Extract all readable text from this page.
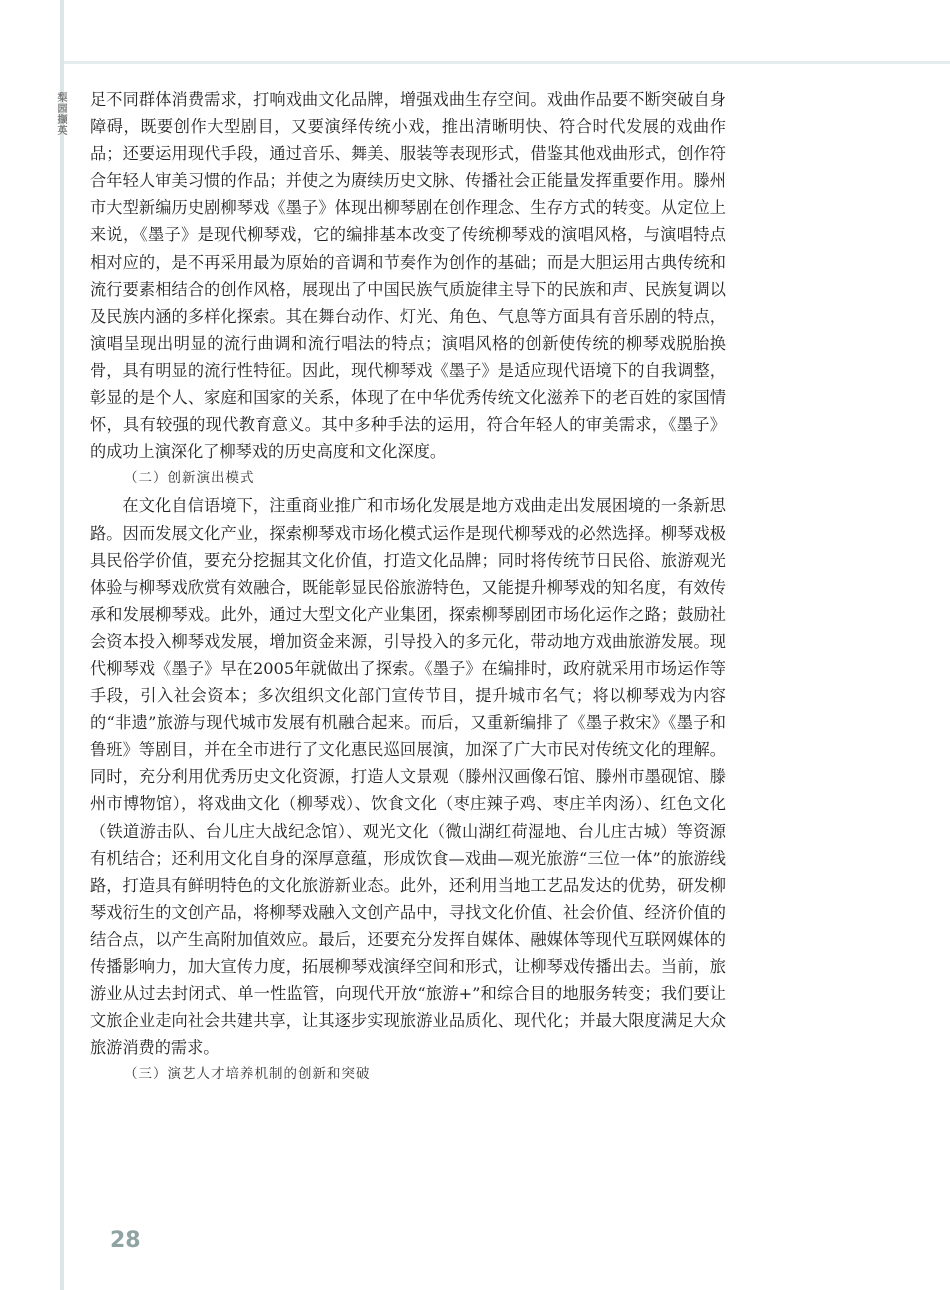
梨园撷英 足不同群体消费需求，打响戏曲文化品牌，增强戏曲生存空间。戏曲作品要不断突破自身障碍，既要创作大型剧目，又要演绎传统小戏，推出清晰明快、符合时代发展的戏曲作品；还要运用现代手段，通过音乐、舞美、服装等表现形式，借鉴其他戏曲形式，创作符合年轻人审美习惯的作品；并使之为赓续历史文脉、传播社会正能量发挥重要作用。滕州市大型新编历史剧柳琴戏《墨子》体现出柳琴剧在创作理念、生存方式的转变。从定位上来说，《墨子》是现代柳琴戏，它的编排基本改变了传统柳琴戏的演唱风格，与演唱特点相对应的，是不再采用最为原始的音调和节奏作为创作的基础；而是大胆运用古典传统和流行要素相结合的创作风格，展现出了中国民族气质旋律主导下的民族和声、民族复调以及民族内涵的多样化探索。其在舞台动作、灯光、角色、气息等方面具有音乐剧的特点，演唱呈现出明显的流行曲调和流行唱法的特点；演唱风格的创新使传统的柳琴戏脱胎换骨，具有明显的流行性特征。因此，现代柳琴戏《墨子》是适应现代语境下的自我调整，彰显的是个人、家庭和国家的关系，体现了在中华优秀传统文化滋养下的老百姓的家国情怀，具有较强的现代教育意义。其中多种手法的运用，符合年轻人的审美需求，《墨子》的成功上演深化了柳琴戏的历史高度和文化深度。

（二）创新演出模式

在文化自信语境下，注重商业推广和市场化发展是地方戏曲走出发展困境的一条新思路。因而发展文化产业，探索柳琴戏市场化模式运作是现代柳琴戏的必然选择。柳琴戏极具民俗学价值，要充分挖掘其文化价值，打造文化品牌；同时将传统节日民俗、旅游观光体验与柳琴戏欣赏有效融合，既能彰显民俗旅游特色，又能提升柳琴戏的知名度，有效传承和发展柳琴戏。此外，通过大型文化产业集团，探索柳琴剧团市场化运作之路；鼓励社会资本投入柳琴戏发展，增加资金来源，引导投入的多元化，带动地方戏曲旅游发展。现代柳琴戏《墨子》早在2005年就做出了探索。《墨子》在编排时，政府就采用市场运作等手段，引入社会资本；多次组织文化部门宣传节目，提升城市名气；将以柳琴戏为内容的“非遗”旅游与现代城市发展有机融合起来。而后，又重新编排了《墨子救宋》《墨子和鲁班》等剧目，并在全市进行了文化惠民巡回展演，加深了广大市民对传统文化的理解。同时，充分利用优秀历史文化资源，打造人文景观（滕州汉画像石馆、滕州市墨砚馆、滕州市博物馆），将戏曲文化（柳琴戏）、饮食文化（枣庄辣子鸡、枣庄羊肉汤）、红色文化（铁道游击队、台儿庄大战纪念馆）、观光文化（微山湖红荷湿地、台儿庄古城）等资源有机结合；还利用文化自身的深厚意蕴，形成饮食—戏曲—观光旅游“三位一体”的旅游线路，打造具有鲜明特色的文化旅游新业态。此外，还利用当地工艺品发达的优势，研发柳琴戏衍生的文创产品，将柳琴戏融入文创产品中，寻找文化价值、社会价值、经济价值的结合点，以产生高附加值效应。最后，还要充分发挥自媒体、融媒体等现代互联网媒体的传播影响力，加大宣传力度，拓展柳琴戏演绎空间和形式，让柳琴戏传播出去。当前，旅游业从过去封闭式、单一性监管，向现代开放“旅游+”和综合目的地服务转变；我们要让文旅企业走向社会共建共享，让其逐步实现旅游业品质化、现代化；并最大限度满足大众旅游消费的需求。

（三）演艺人才培养机制的创新和突破

28
